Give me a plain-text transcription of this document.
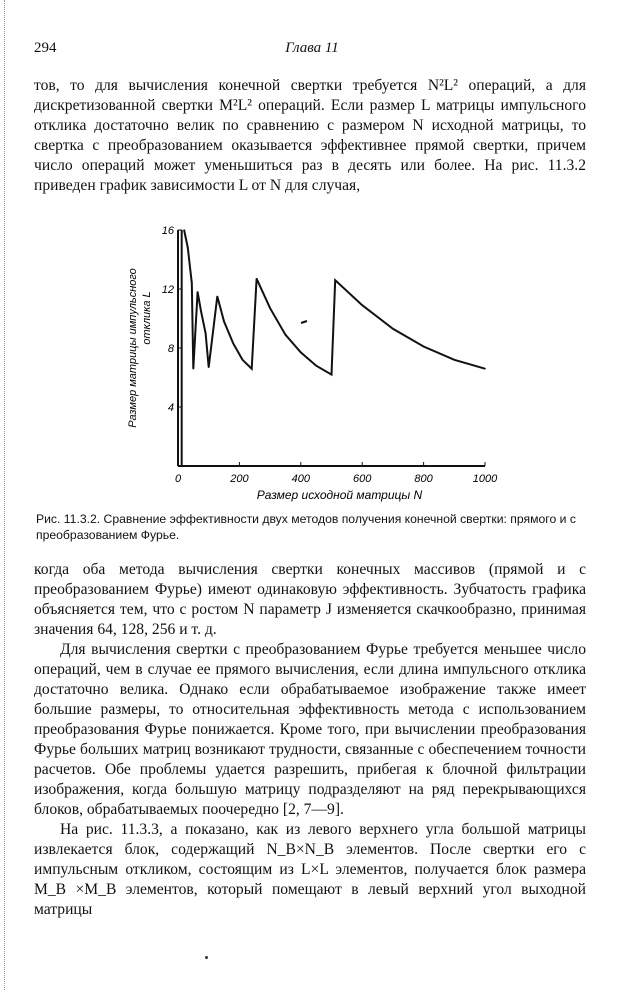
294	Глава 11

тов, то для вычисления конечной свертки требуется N²L² операций, а для дискретизованной свертки M²L² операций. Если размер L матрицы импульсного отклика достаточно велик по сравнению с размером N исходной матрицы, то свертка с преобразованием оказывается эффективнее прямой свертки, причем число операций может уменьшиться раз в десять или более. На рис. 11.3.2 приведен график зависимости L от N для случая,

0	200	400	600	800	1000
4
8
12
16
Размер исходной матрицы N
Размер матрицы импульсного отклика L
Рис. 11.3.2. Сравнение эффективности двух методов получения конечной свертки: прямого и с преобразованием Фурье.

когда оба метода вычисления свертки конечных массивов (прямой и с преобразованием Фурье) имеют одинаковую эффективность. Зубчатость графика объясняется тем, что с ростом N параметр J изменяется скачкообразно, принимая значения 64, 128, 256 и т. д.

Для вычисления свертки с преобразованием Фурье требуется меньшее число операций, чем в случае ее прямого вычисления, если длина импульсного отклика достаточно велика. Однако если обрабатываемое изображение также имеет большие размеры, то относительная эффективность метода с использованием преобразования Фурье понижается. Кроме того, при вычислении преобразования Фурье больших матриц возникают трудности, связанные с обеспечением точности расчетов. Обе проблемы удается разрешить, прибегая к блочной фильтрации изображения, когда большую матрицу подразделяют на ряд перекрывающихся блоков, обрабатываемых поочередно [2, 7—9].

На рис. 11.3.3, а показано, как из левого верхнего угла большой матрицы извлекается блок, содержащий N_B×N_B элементов. После свертки его с импульсным откликом, состоящим из L×L элементов, получается блок размера M_B ×M_B элементов, который помещают в левый верхний угол выходной матрицы
